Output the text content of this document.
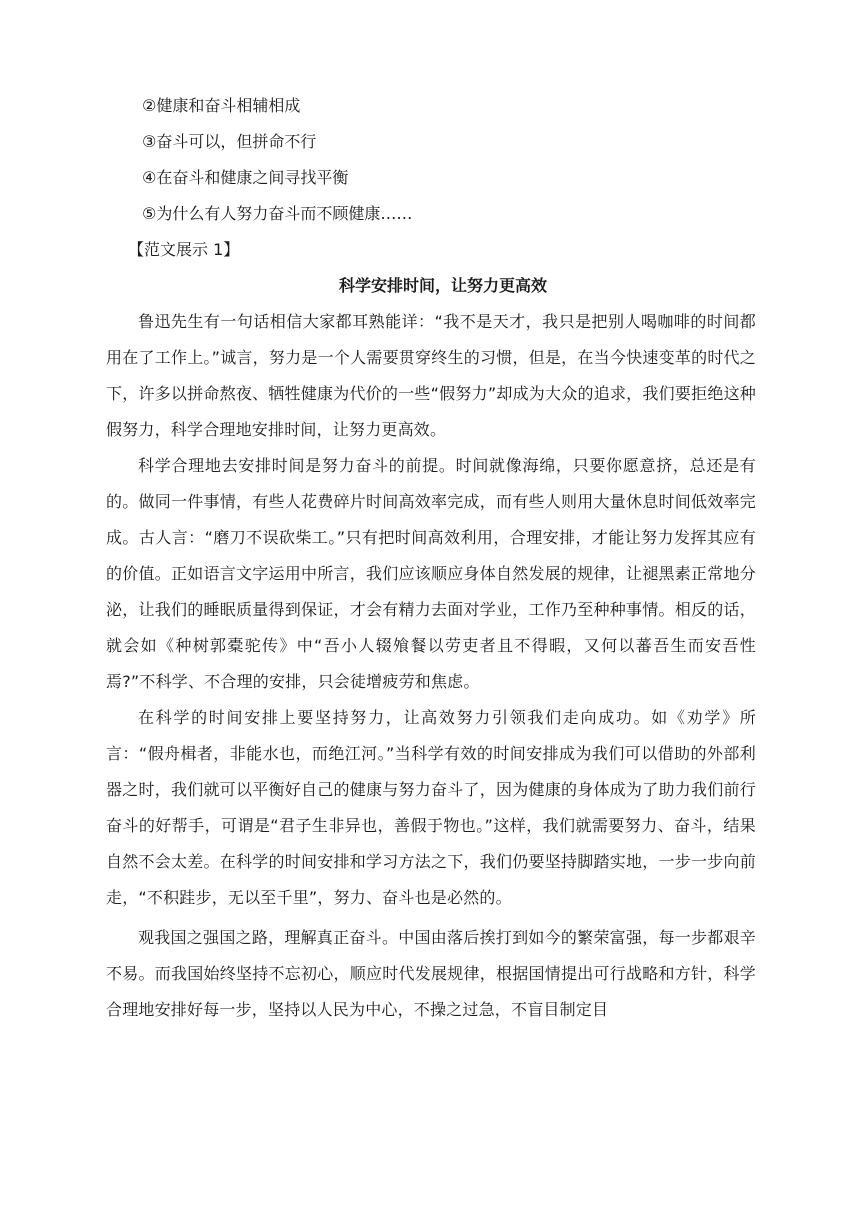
②健康和奋斗相辅相成

③奋斗可以，但拼命不行

④在奋斗和健康之间寻找平衡

⑤为什么有人努力奋斗而不顾健康……

【范文展示 1】

科学安排时间，让努力更高效

鲁迅先生有一句话相信大家都耳熟能详：“我不是天才，我只是把别人喝咖啡的时间都用在了工作上。”诚言，努力是一个人需要贯穿终生的习惯，但是，在当今快速变革的时代之下，许多以拼命熬夜、牺牲健康为代价的一些“假努力”却成为大众的追求，我们要拒绝这种假努力，科学合理地安排时间，让努力更高效。

科学合理地去安排时间是努力奋斗的前提。时间就像海绵，只要你愿意挤，总还是有的。做同一件事情，有些人花费碎片时间高效率完成，而有些人则用大量休息时间低效率完成。古人言：“磨刀不误砍柴工。”只有把时间高效利用，合理安排，才能让努力发挥其应有的价值。正如语言文字运用中所言，我们应该顺应身体自然发展的规律，让褪黑素正常地分泌，让我们的睡眠质量得到保证，才会有精力去面对学业，工作乃至种种事情。相反的话，就会如《种树郭橐驼传》中“吾小人辍飧餐以劳吏者且不得暇，又何以蕃吾生而安吾性焉?”不科学、不合理的安排，只会徒增疲劳和焦虑。

在科学的时间安排上要坚持努力，让高效努力引领我们走向成功。如《劝学》所言：“假舟楫者，非能水也，而绝江河。”当科学有效的时间安排成为我们可以借助的外部利器之时，我们就可以平衡好自己的健康与努力奋斗了，因为健康的身体成为了助力我们前行奋斗的好帮手，可谓是“君子生非异也，善假于物也。”这样，我们就需要努力、奋斗，结果自然不会太差。在科学的时间安排和学习方法之下，我们仍要坚持脚踏实地，一步一步向前走，“不积跬步，无以至千里”，努力、奋斗也是必然的。

观我国之强国之路，理解真正奋斗。中国由落后挨打到如今的繁荣富强，每一步都艰辛不易。而我国始终坚持不忘初心，顺应时代发展规律，根据国情提出可行战略和方针，科学合理地安排好每一步，坚持以人民为中心，不操之过急，不盲目制定目
